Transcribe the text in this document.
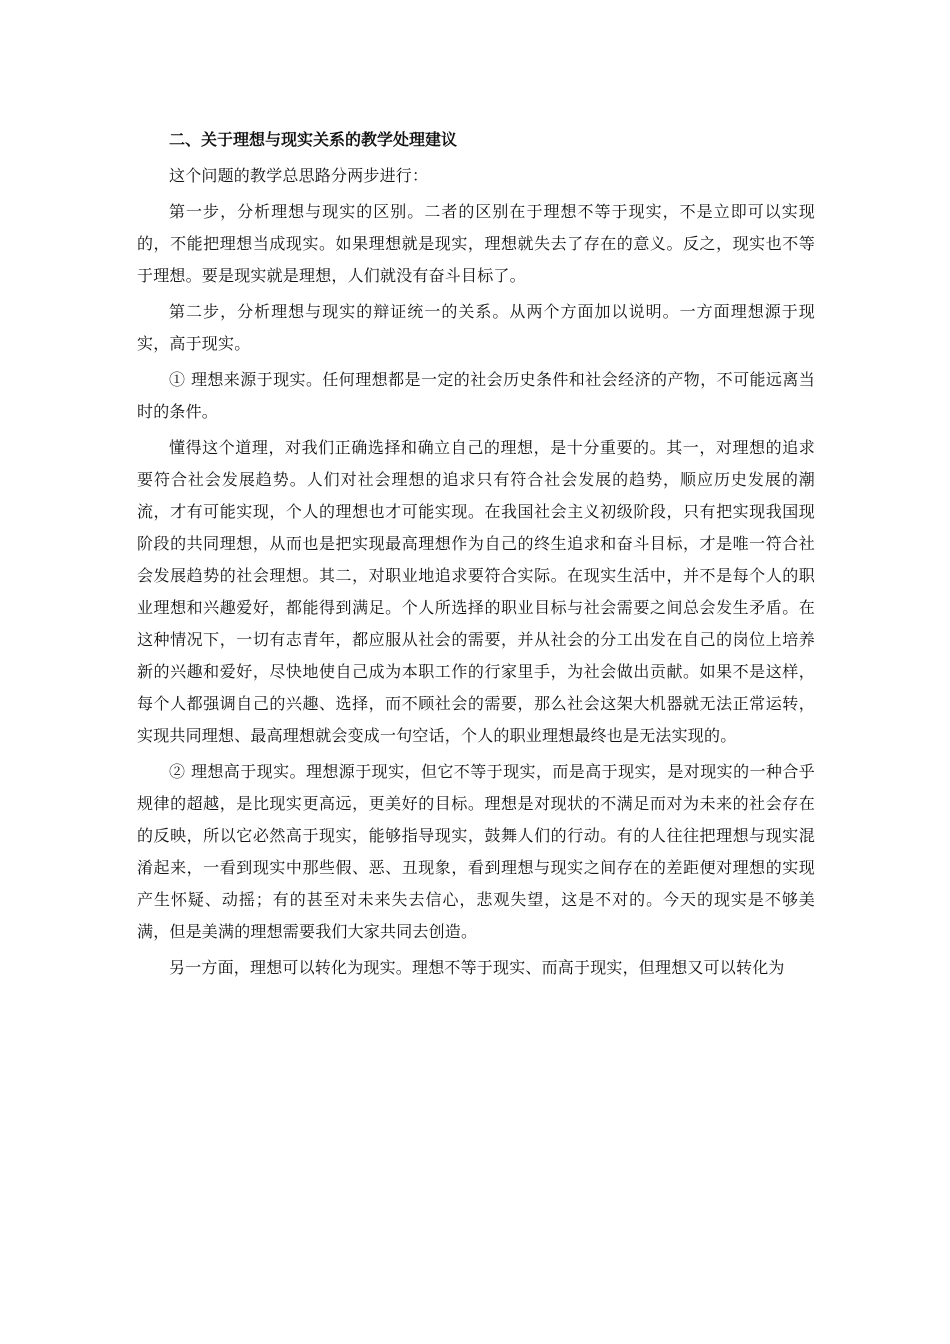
二、关于理想与现实关系的教学处理建议

这个问题的教学总思路分两步进行：

第一步，分析理想与现实的区别。二者的区别在于理想不等于现实，不是立即可以实现的，不能把理想当成现实。如果理想就是现实，理想就失去了存在的意义。反之，现实也不等于理想。要是现实就是理想，人们就没有奋斗目标了。

第二步，分析理想与现实的辩证统一的关系。从两个方面加以说明。一方面理想源于现实，高于现实。

① 理想来源于现实。任何理想都是一定的社会历史条件和社会经济的产物，不可能远离当时的条件。

懂得这个道理，对我们正确选择和确立自己的理想，是十分重要的。其一，对理想的追求要符合社会发展趋势。人们对社会理想的追求只有符合社会发展的趋势，顺应历史发展的潮流，才有可能实现，个人的理想也才可能实现。在我国社会主义初级阶段，只有把实现我国现阶段的共同理想，从而也是把实现最高理想作为自己的终生追求和奋斗目标，才是唯一符合社会发展趋势的社会理想。其二，对职业地追求要符合实际。在现实生活中，并不是每个人的职业理想和兴趣爱好，都能得到满足。个人所选择的职业目标与社会需要之间总会发生矛盾。在这种情况下，一切有志青年，都应服从社会的需要，并从社会的分工出发在自己的岗位上培养新的兴趣和爱好，尽快地使自己成为本职工作的行家里手，为社会做出贡献。如果不是这样，每个人都强调自己的兴趣、选择，而不顾社会的需要，那么社会这架大机器就无法正常运转，实现共同理想、最高理想就会变成一句空话，个人的职业理想最终也是无法实现的。

② 理想高于现实。理想源于现实，但它不等于现实，而是高于现实，是对现实的一种合乎规律的超越，是比现实更高远，更美好的目标。理想是对现状的不满足而对为未来的社会存在的反映，所以它必然高于现实，能够指导现实，鼓舞人们的行动。有的人往往把理想与现实混淆起来，一看到现实中那些假、恶、丑现象，看到理想与现实之间存在的差距便对理想的实现产生怀疑、动摇；有的甚至对未来失去信心，悲观失望，这是不对的。今天的现实是不够美满，但是美满的理想需要我们大家共同去创造。

另一方面，理想可以转化为现实。理想不等于现实、而高于现实，但理想又可以转化为
